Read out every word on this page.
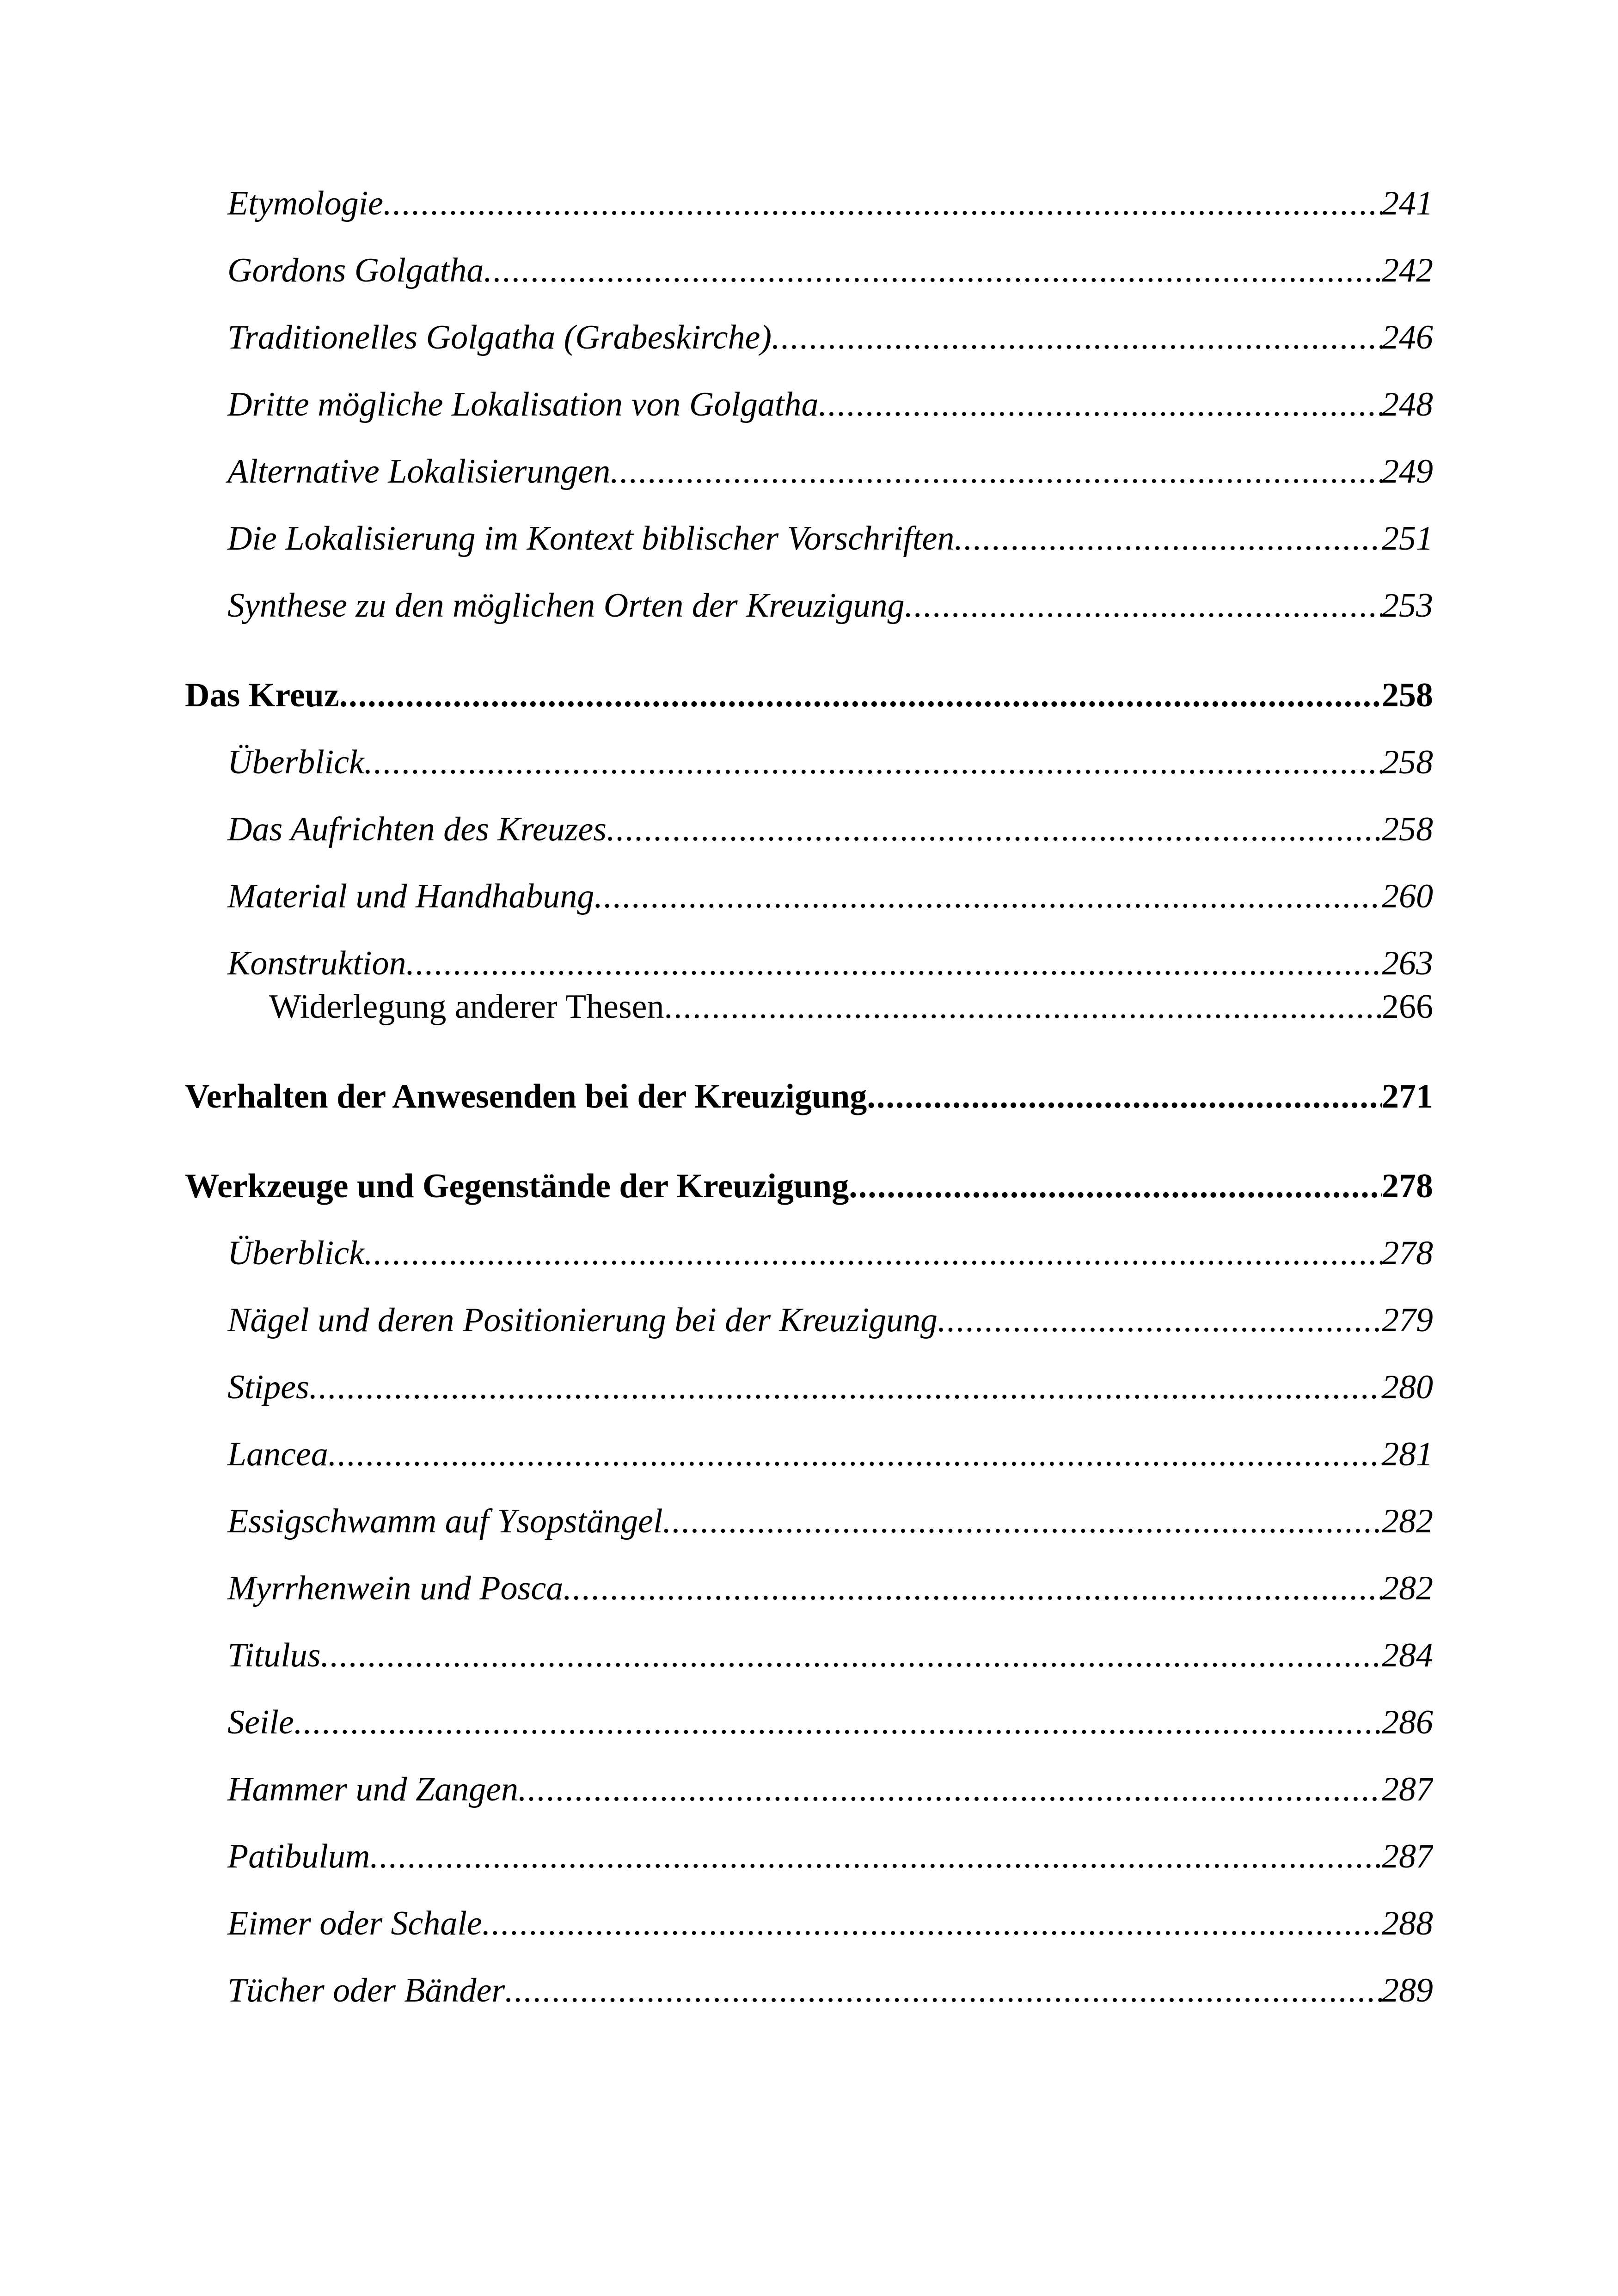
Etymologie .....	241
Gordons Golgatha .....	242
Traditionelles Golgatha (Grabeskirche) .....	246
Dritte mögliche Lokalisation von Golgatha .....	248
Alternative Lokalisierungen .....	249
Die Lokalisierung im Kontext biblischer Vorschriften .....	251
Synthese zu den möglichen Orten der Kreuzigung .....	253
Das Kreuz .....	258
Überblick .....	258
Das Aufrichten des Kreuzes .....	258
Material und Handhabung .....	260
Konstruktion .....	263
Widerlegung anderer Thesen .....	266
Verhalten der Anwesenden bei der Kreuzigung .....	271
Werkzeuge und Gegenstände der Kreuzigung .....	278
Überblick .....	278
Nägel und deren Positionierung bei der Kreuzigung .....	279
Stipes .....	280
Lancea .....	281
Essigschwamm auf Ysopstängel .....	282
Myrrhenwein und Posca .....	282
Titulus .....	284
Seile .....	286
Hammer und Zangen .....	287
Patibulum .....	287
Eimer oder Schale .....	288
Tücher oder Bänder .....	289
